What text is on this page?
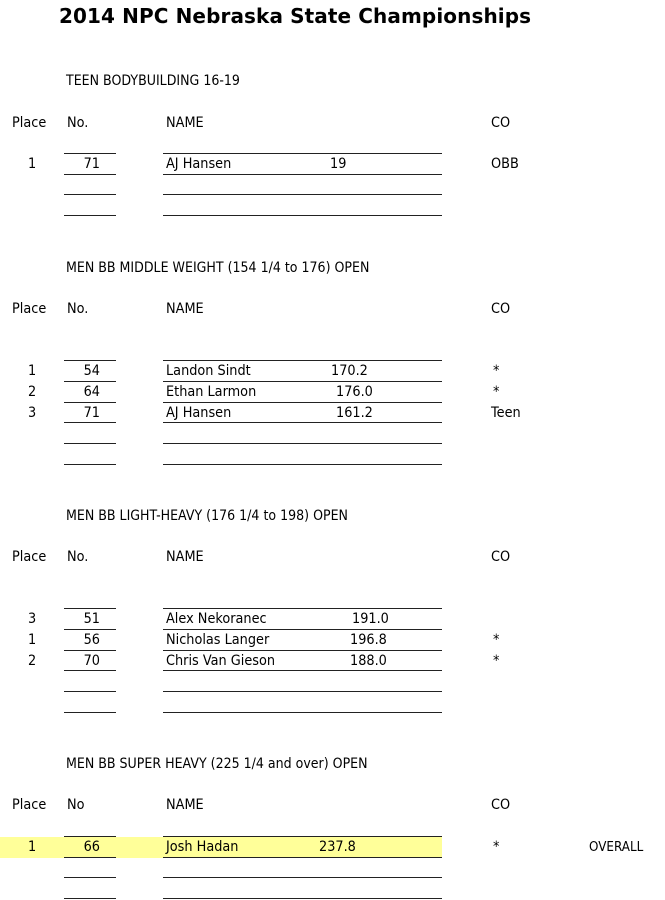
2014 NPC Nebraska State Championships
TEEN BODYBUILDING 16-19
Place No.	NAME	CO
1	71	AJ Hansen	19	OBB
MEN BB MIDDLE WEIGHT (154 1/4 to 176) OPEN
Place No.	NAME	CO
1	54	Landon Sindt	170.2	*
2	64	Ethan Larmon	176.0	*
3	71	AJ Hansen	161.2	Teen
MEN BB LIGHT-HEAVY (176 1/4 to 198) OPEN
Place No.	NAME	CO
3	51	Alex Nekoranec	191.0
1	56	Nicholas Langer	196.8	*
2	70	Chris Van Gieson	188.0	*
MEN BB SUPER HEAVY (225 1/4 and over) OPEN
Place No	NAME	CO
1	66	Josh Hadan	237.8	*	OVERALL
